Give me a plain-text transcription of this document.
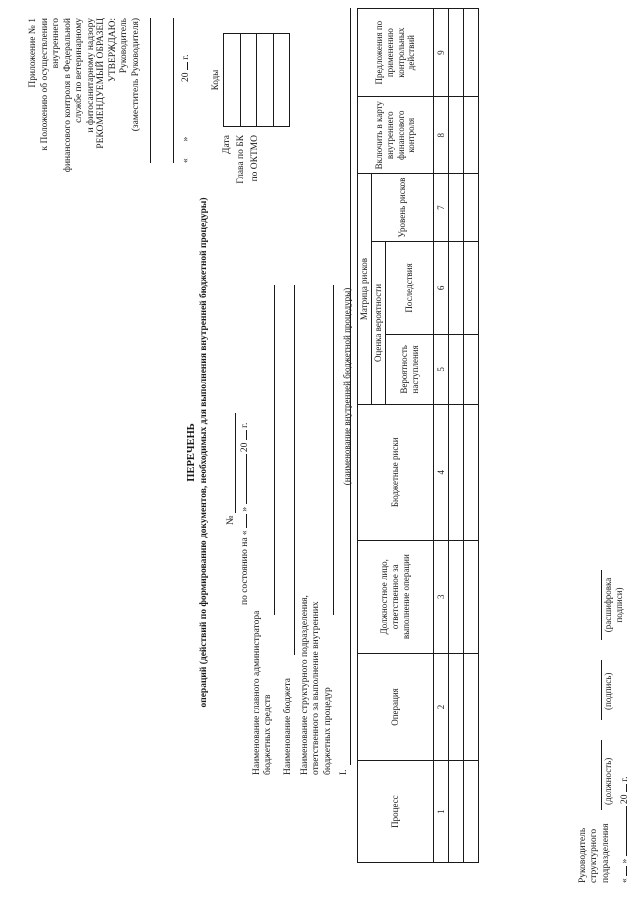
Приложение № 1 к Положению об осуществлении внутреннего финансового контроля в Федеральной службе по ветеринарному и фитосанитарному надзору РЕКОМЕНДУЕМЫЙ ОБРАЗЕЦ УТВЕРЖДАЮ: Руководитель (заместитель Руководителя)
«  »  20  г.
Дата Глава по БК по ОКТМО
Коды

ПЕРЕЧЕНЬ операций (действий по формированию документов, необходимых для выполнения внутренней бюджетной процедуры) №
по состоянию на «  »  20  г.
Наименование главного администратора бюджетных средств Наименование бюджета Наименование структурного подразделения, ответственного за выполнение внутренних бюджетных процедур I.
(наименование внутренней бюджетной процедуры)
Процесс	Операция	Должностное лицо, ответственное за выполнение операции	Бюджетные риски	Матрица рисков			Включить в карту внутреннего финансового контроля	Предложения по применению контрольных действий
				Оценка вероятности		Уровень рисков		
				Вероятность наступления	Последствия			
1	2	3	4	5	6	7	8	9

Руководитель структурного подразделения
(должность)
(подпись)
(расшифровка подписи)
«  »  20  г.
